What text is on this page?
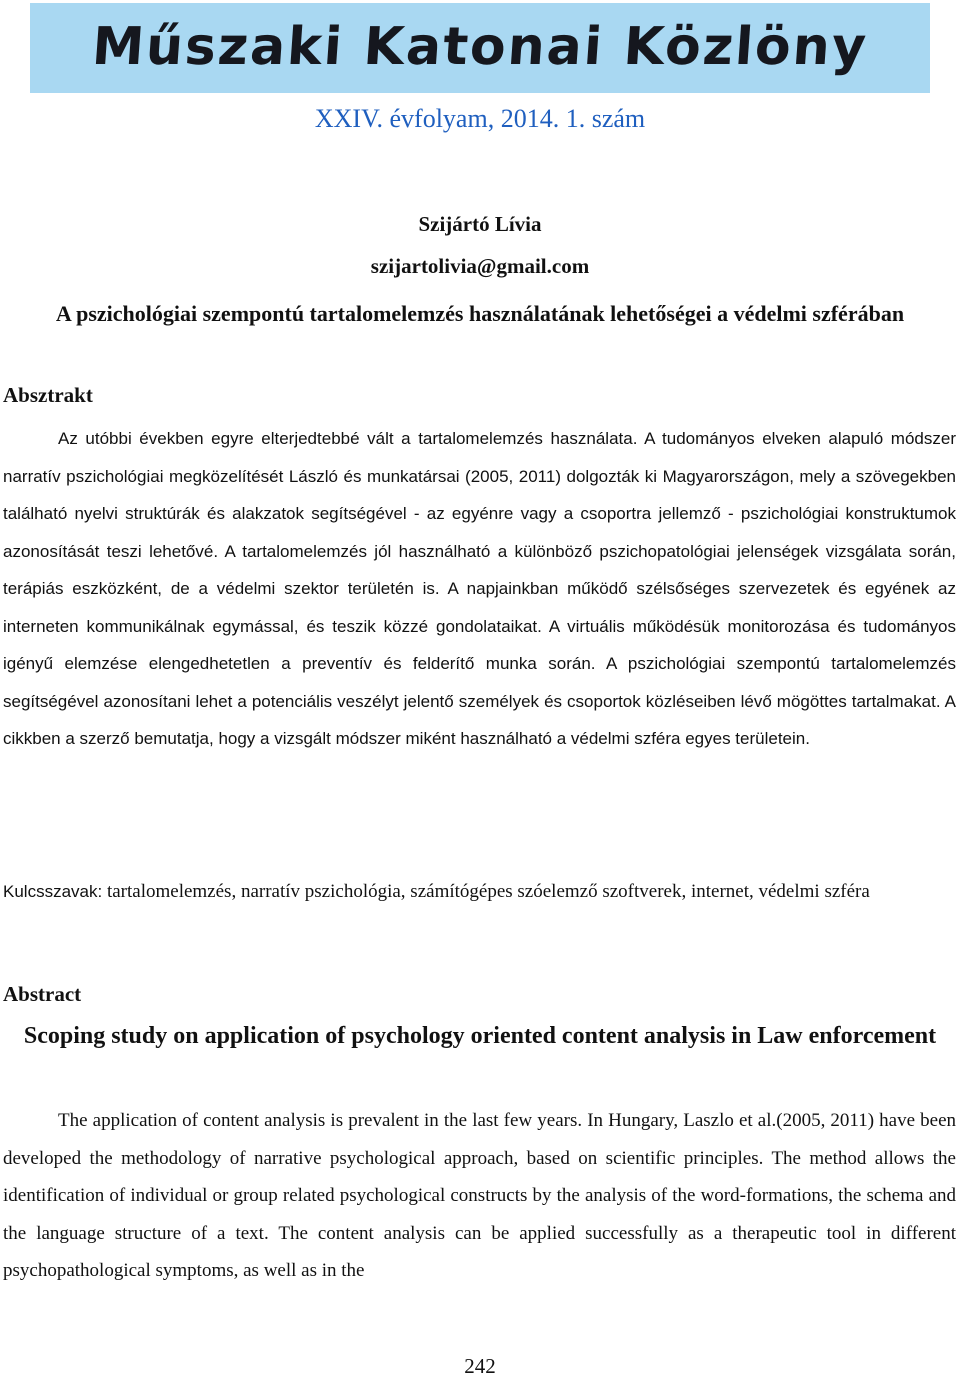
Műszaki Katonai Közlöny
XXIV. évfolyam, 2014. 1. szám
Szijártó Lívia
szijartolivia@gmail.com
A pszichológiai szempontú tartalomelemzés használatának lehetőségei a védelmi szférában
Absztrakt
Az utóbbi években egyre elterjedtebbé vált a tartalomelemzés használata. A tudományos elveken alapuló módszer narratív pszichológiai megközelítését László és munkatársai (2005, 2011) dolgozták ki Magyarországon, mely a szövegekben található nyelvi struktúrák és alakzatok segítségével - az egyénre vagy a csoportra jellemző - pszichológiai konstruktumok azonosítását teszi lehetővé. A tartalomelemzés jól használható a különböző pszichopatológiai jelenségek vizsgálata során, terápiás eszközként, de a védelmi szektor területén is. A napjainkban működő szélsőséges szervezetek és egyének az interneten kommunikálnak egymással, és teszik közzé gondolataikat. A virtuális működésük monitorozása és tudományos igényű elemzése elengedhetetlen a preventív és felderítő munka során. A pszichológiai szempontú tartalomelemzés segítségével azonosítani lehet a potenciális veszélyt jelentő személyek és csoportok közléseiben lévő mögöttes tartalmakat. A cikkben a szerző bemutatja, hogy a vizsgált módszer miként használható a védelmi szféra egyes területein.
Kulcsszavak: tartalomelemzés, narratív pszichológia, számítógépes szóelemző szoftverek, internet, védelmi szféra
Abstract
Scoping study on application of psychology oriented content analysis in Law enforcement
The application of content analysis is prevalent in the last few years. In Hungary, Laszlo et al.(2005, 2011) have been developed the methodology of narrative psychological approach, based on scientific principles. The method allows the identification of individual or group related psychological constructs by the analysis of the word-formations, the schema and the language structure of a text. The content analysis can be applied successfully as a therapeutic tool in different psychopathological symptoms, as well as in the
242
